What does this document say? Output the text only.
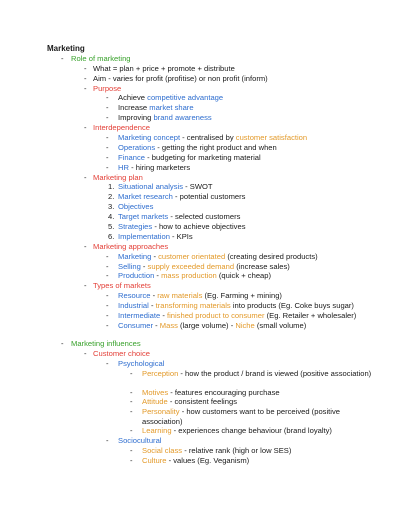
Marketing
- Role of marketing
- What = plan + price + promote + distribute
- Aim - varies for profit (profitise) or non profit (inform)
- Purpose
- Achieve competitive advantage
- Increase market share
- Improving brand awareness
- Interdependence
- Marketing concept - centralised by customer satisfaction
- Operations - getting the right product and when
- Finance - budgeting for marketing material
- HR - hiring marketers
- Marketing plan
1. Situational analysis - SWOT
2. Market research - potential customers
3. Objectives
4. Target markets - selected customers
5. Strategies - how to achieve objectives
6. Implementation - KPIs
- Marketing approaches
- Marketing - customer orientated (creating desired products)
- Selling - supply exceeded demand (increase sales)
- Production - mass production (quick + cheap)
- Types of markets
- Resource - raw materials (Eg. Farming + mining)
- Industrial - transforming materials into products (Eg. Coke buys sugar)
- Intermediate - finished product to consumer (Eg. Retailer + wholesaler)
- Consumer - Mass (large volume) - Niche (small volume)
- Marketing influences
- Customer choice
- Psychological
- Perception - how the product / brand is viewed (positive association)
- Motives - features encouraging purchase
- Attitude - consistent feelings
- Personality - how customers want to be perceived (positive association)
- Learning - experiences change behaviour (brand loyalty)
- Sociocultural
- Social class - relative rank (high or low SES)
- Culture - values (Eg. Veganism)
